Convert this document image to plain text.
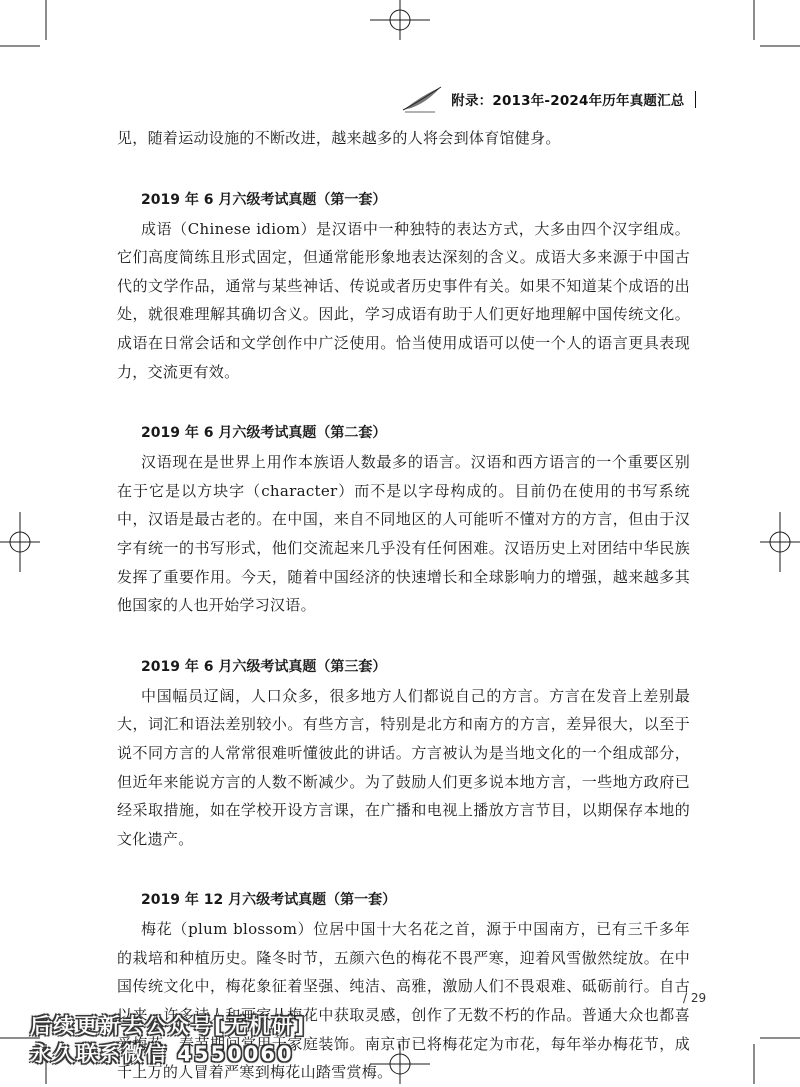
附录：2013年-2024年历年真题汇总

见，随着运动设施的不断改进，越来越多的人将会到体育馆健身。

2019 年 6 月六级考试真题（第一套）

成语（Chinese idiom）是汉语中一种独特的表达方式，大多由四个汉字组成。它们高度简练且形式固定，但通常能形象地表达深刻的含义。成语大多来源于中国古代的文学作品，通常与某些神话、传说或者历史事件有关。如果不知道某个成语的出处，就很难理解其确切含义。因此，学习成语有助于人们更好地理解中国传统文化。成语在日常会话和文学创作中广泛使用。恰当使用成语可以使一个人的语言更具表现力，交流更有效。

2019 年 6 月六级考试真题（第二套）

汉语现在是世界上用作本族语人数最多的语言。汉语和西方语言的一个重要区别在于它是以方块字（character）而不是以字母构成的。目前仍在使用的书写系统中，汉语是最古老的。在中国，来自不同地区的人可能听不懂对方的方言，但由于汉字有统一的书写形式，他们交流起来几乎没有任何困难。汉语历史上对团结中华民族发挥了重要作用。今天，随着中国经济的快速增长和全球影响力的增强，越来越多其他国家的人也开始学习汉语。

2019 年 6 月六级考试真题（第三套）

中国幅员辽阔，人口众多，很多地方人们都说自己的方言。方言在发音上差别最大，词汇和语法差别较小。有些方言，特别是北方和南方的方言，差异很大，以至于说不同方言的人常常很难听懂彼此的讲话。方言被认为是当地文化的一个组成部分，但近年来能说方言的人数不断减少。为了鼓励人们更多说本地方言，一些地方政府已经采取措施，如在学校开设方言课，在广播和电视上播放方言节目，以期保存本地的文化遗产。

2019 年 12 月六级考试真题（第一套）

梅花（plum blossom）位居中国十大名花之首，源于中国南方，已有三千多年的栽培和种植历史。隆冬时节，五颜六色的梅花不畏严寒，迎着风雪傲然绽放。在中国传统文化中，梅花象征着坚强、纯洁、高雅，激励人们不畏艰难、砥砺前行。自古以来，许多诗人和画家从梅花中获取灵感，创作了无数不朽的作品。普通大众也都喜爱梅花，春节期间常用于家庭装饰。南京市已将梅花定为市花，每年举办梅花节，成千上万的人冒着严寒到梅花山踏雪赏梅。

/ 29
后续更新去公众号[无机研]
永久联系微信 4550060
